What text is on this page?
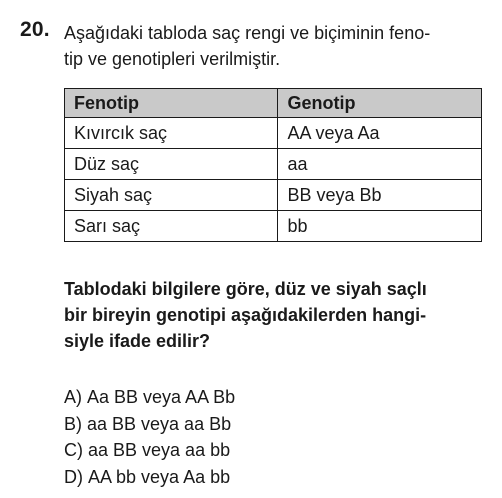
20. Aşağıdaki tabloda saç rengi ve biçiminin feno-
tip ve genotipleri verilmiştir.
Fenotip	Genotip
Kıvırcık saç	AA veya Aa
Düz saç	aa
Siyah saç	BB veya Bb
Sarı saç	bb
Tablodaki bilgilere göre, düz ve siyah saçlı
bir bireyin genotipi aşağıdakilerden hangi-
siyle ifade edilir?
A) Aa BB veya AA Bb
B) aa BB veya aa Bb
C) aa BB veya aa bb
D) AA bb veya Aa bb
